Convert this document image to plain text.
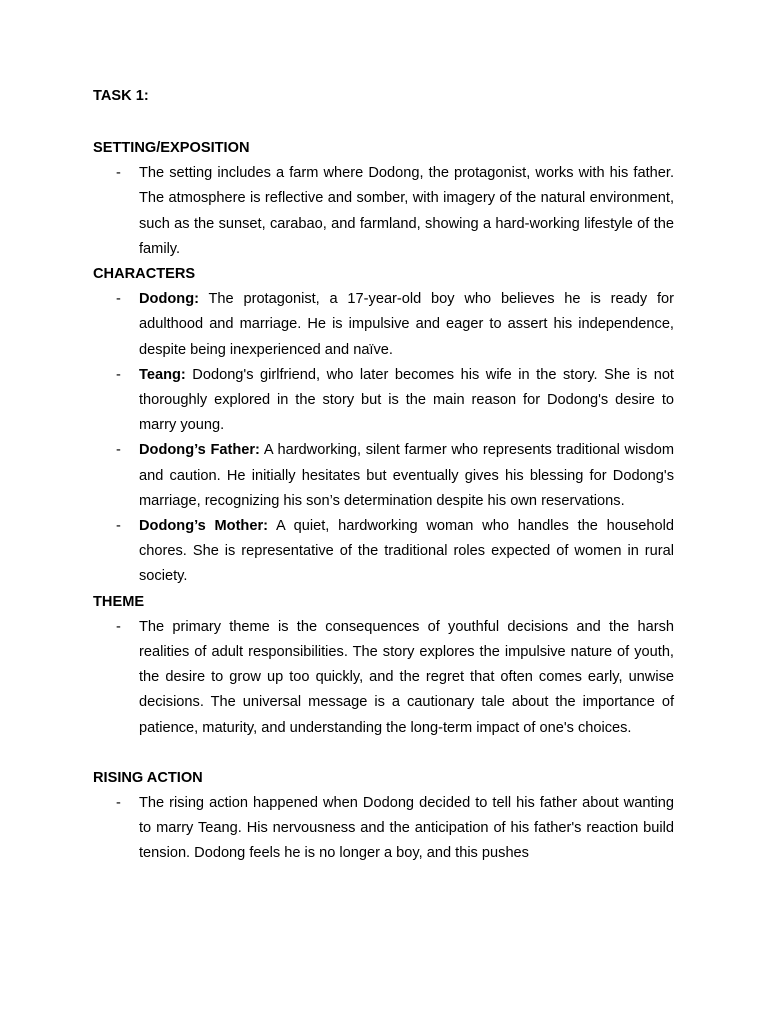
TASK 1:

SETTING/EXPOSITION

- The setting includes a farm where Dodong, the protagonist, works with his father. The atmosphere is reflective and somber, with imagery of the natural environment, such as the sunset, carabao, and farmland, showing a hard-working lifestyle of the family.

CHARACTERS

- Dodong: The protagonist, a 17-year-old boy who believes he is ready for adulthood and marriage. He is impulsive and eager to assert his independence, despite being inexperienced and naïve.
- Teang: Dodong's girlfriend, who later becomes his wife in the story. She is not thoroughly explored in the story but is the main reason for Dodong's desire to marry young.
- Dodong’s Father: A hardworking, silent farmer who represents traditional wisdom and caution. He initially hesitates but eventually gives his blessing for Dodong's marriage, recognizing his son’s determination despite his own reservations.
- Dodong’s Mother: A quiet, hardworking woman who handles the household chores. She is representative of the traditional roles expected of women in rural society.

THEME

- The primary theme is the consequences of youthful decisions and the harsh realities of adult responsibilities. The story explores the impulsive nature of youth, the desire to grow up too quickly, and the regret that often comes early, unwise decisions. The universal message is a cautionary tale about the importance of patience, maturity, and understanding the long-term impact of one's choices.

RISING ACTION

- The rising action happened when Dodong decided to tell his father about wanting to marry Teang. His nervousness and the anticipation of his father's reaction build tension. Dodong feels he is no longer a boy, and this pushes
